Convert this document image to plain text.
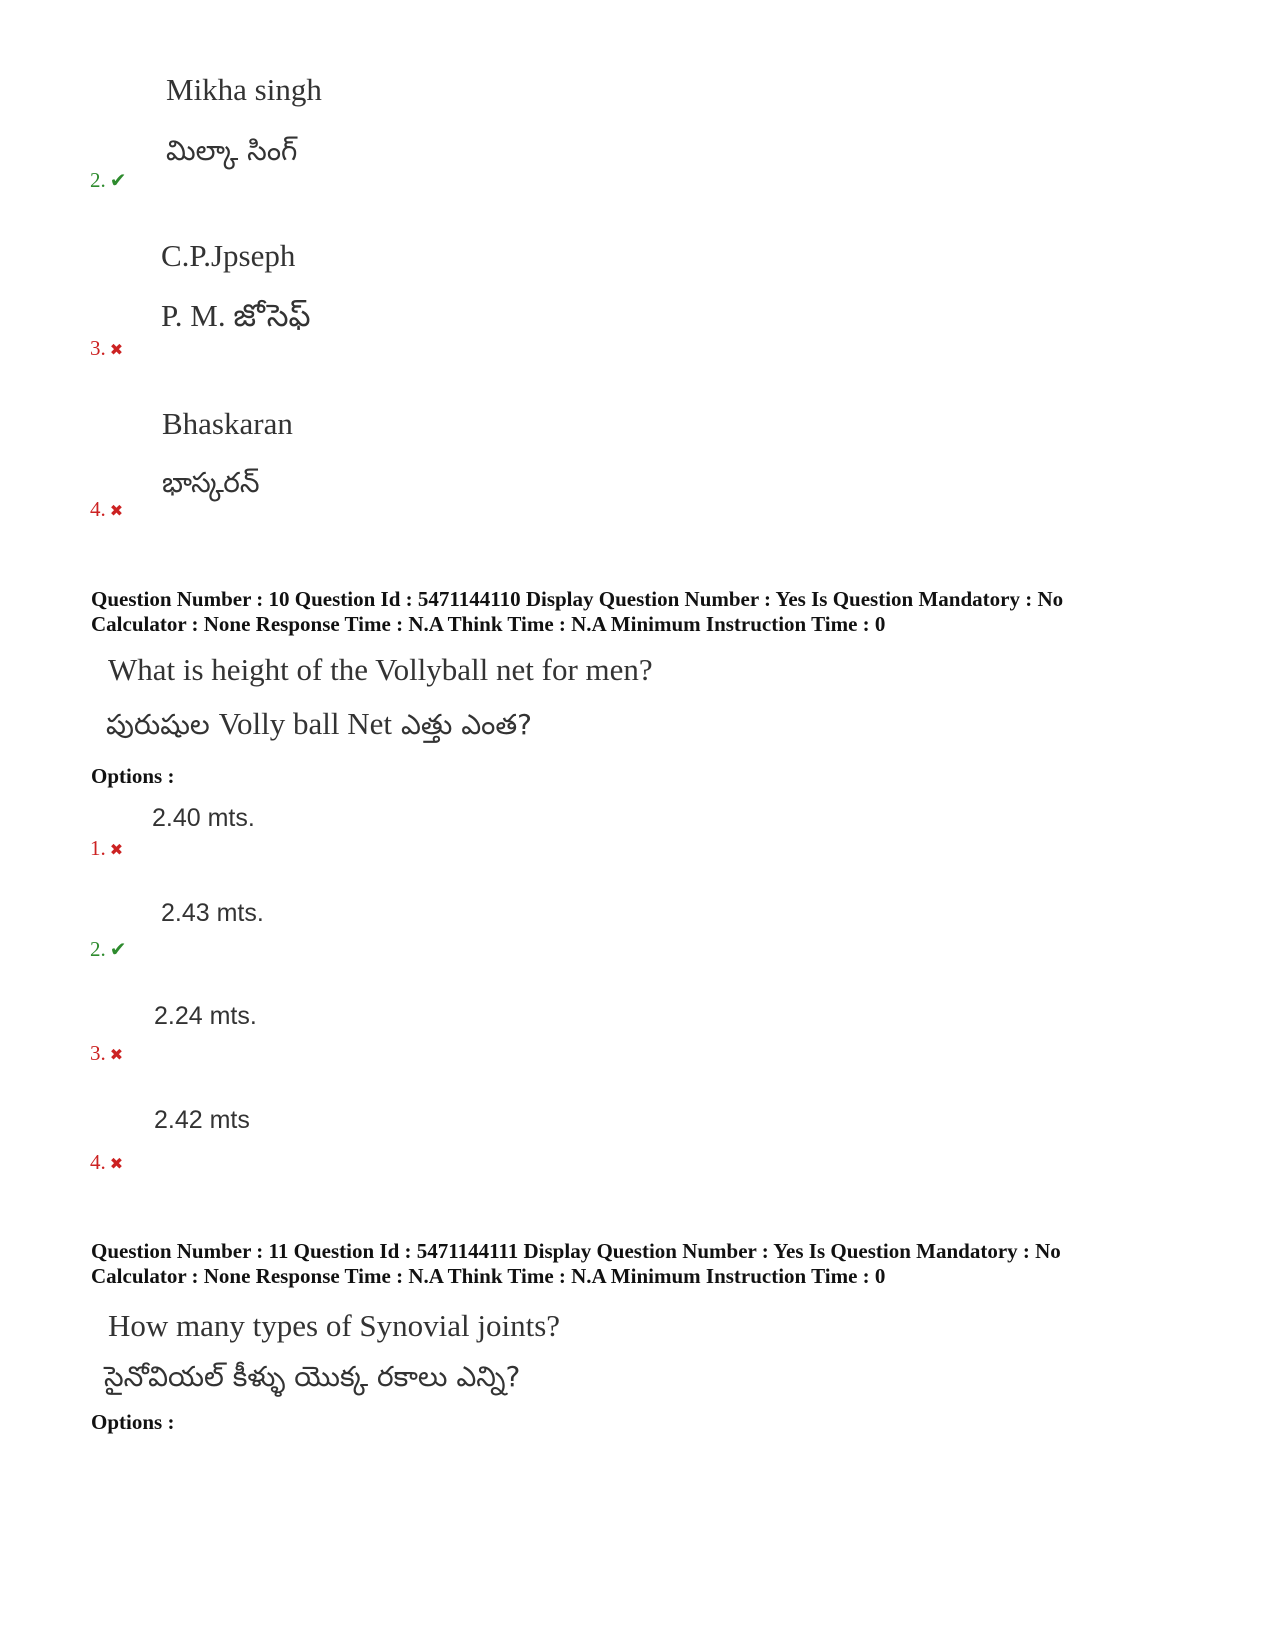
Mikha singh
మిల్కా సింగ్
2. ✔
C.P.Jpseph
P. M. జోసెఫ్
3. ✖
Bhaskaran
భాస్కరన్
4. ✖
Question Number : 10 Question Id : 5471144110 Display Question Number : Yes Is Question Mandatory : No
Calculator : None Response Time : N.A Think Time : N.A Minimum Instruction Time : 0
What is height of the Vollyball net for men?
పురుషుల Volly ball Net ఎత్తు ఎంత?
Options :
2.40 mts.
1. ✖
2.43 mts.
2. ✔
2.24 mts.
3. ✖
2.42 mts
4. ✖
Question Number : 11 Question Id : 5471144111 Display Question Number : Yes Is Question Mandatory : No
Calculator : None Response Time : N.A Think Time : N.A Minimum Instruction Time : 0
How many types of Synovial joints?
సైనోవియల్ కీళ్ళు యొక్క రకాలు ఎన్ని?
Options :
